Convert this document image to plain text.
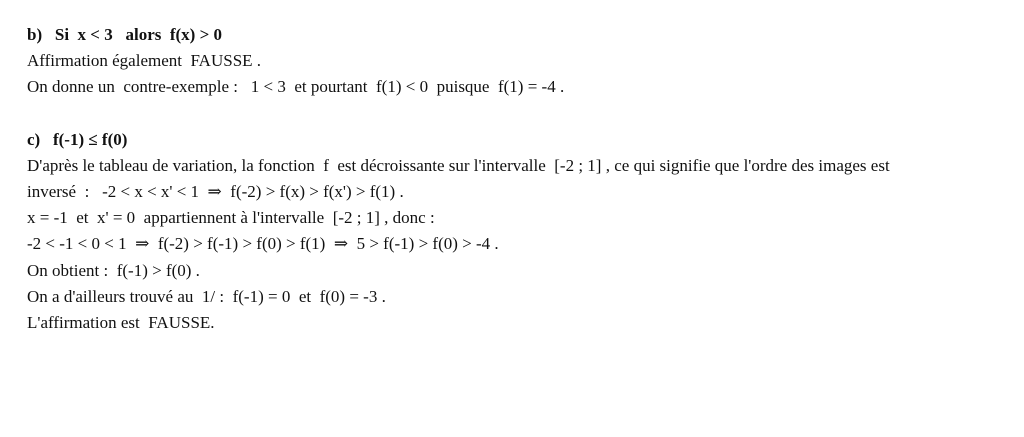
b)   Si  x < 3   alors  f(x) > 0
Affirmation également  FAUSSE .
On donne un  contre-exemple :   1 < 3  et pourtant  f(1) < 0  puisque  f(1) = -4 .
c)   f(-1) ≤ f(0)
D'après le tableau de variation, la fonction  f  est décroissante sur l'intervalle  [-2 ; 1] , ce qui signifie que l'ordre des images est
inversé  :   -2 < x < x' < 1  ⇒  f(-2) > f(x) > f(x') > f(1) .
x = -1  et  x' = 0  appartiennent à l'intervalle  [-2 ; 1] , donc :
-2 < -1 < 0 < 1  ⇒  f(-2) > f(-1) > f(0) > f(1)  ⇒  5 > f(-1) > f(0) > -4 .
On obtient :  f(-1) > f(0) .
On a d'ailleurs trouvé au  1/ :  f(-1) = 0  et  f(0) = -3 .
L'affirmation est  FAUSSE.
